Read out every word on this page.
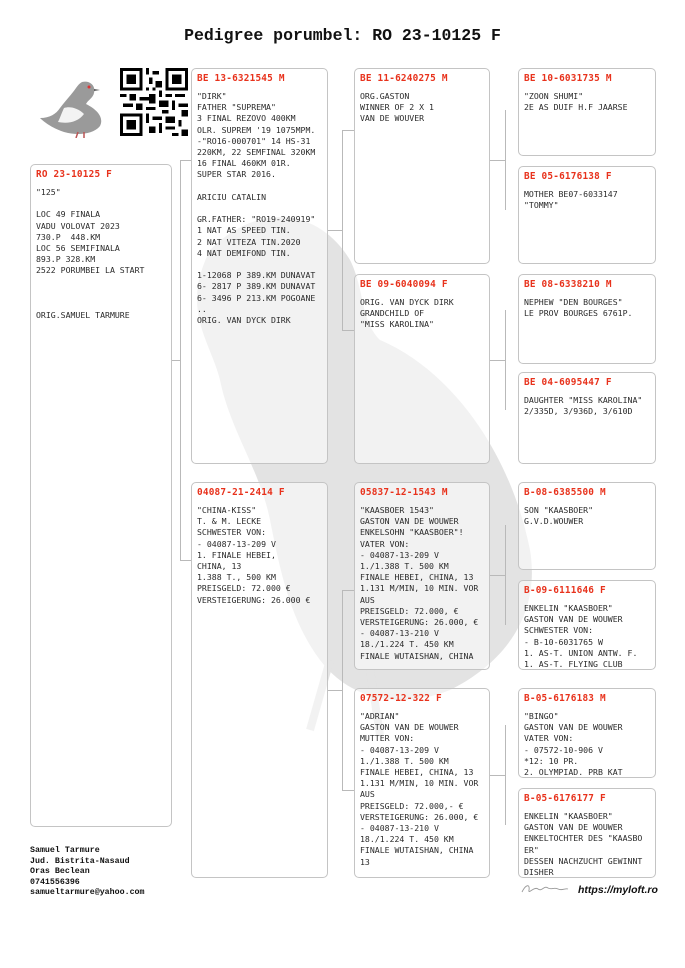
Pedigree porumbel: RO 23-10125 F
RO 23-10125 F
"125"

LOC 49 FINALA
VADU VOLOVAT 2023
730.P  448.KM
LOC 56 SEMIFINALA
893.P 328.KM
2522 PORUMBEI LA START

ORIG.SAMUEL TARMURE
BE 13-6321545 M
"DIRK"
FATHER "SUPREMA"
3 FINAL REZOVO 400KM
OLR. SUPREM '19 1075MPM.
-"RO16-000701" 14 HS-31
220KM, 22 SEMFINAL 320KM
16 FINAL 460KM 01R.
SUPER STAR 2016.

ARICIU CATALIN

GR.FATHER: "RO19-240919"
1 NAT AS SPEED TIN.
2 NAT VITEZA TIN.2020
4 NAT DEMIFOND TIN.

1-12068 P 389.KM DUNAVAT
6- 2817 P 389.KM DUNAVAT
6- 3496 P 213.KM POGOANE
..
ORIG. VAN DYCK DIRK
04087-21-2414 F
"CHINA-KISS"
T. & M. LECKE
SCHWESTER VON:
- 04087-13-209 V
1. FINALE HEBEI,
CHINA, 13
1.388 T., 500 KM
PREISGELD: 72.000 €
VERSTEIGERUNG: 26.000 €
BE 11-6240275 M
ORG.GASTON
WINNER OF 2 X 1
VAN DE WOUVER
BE 09-6040094 F
ORIG. VAN DYCK DIRK
GRANDCHILD OF
"MISS KAROLINA"
05837-12-1543 M
"KAASBOER 1543"
GASTON VAN DE WOUWER
ENKELSOHN "KAASBOER"!
VATER VON:
- 04087-13-209 V
1./1.388 T. 500 KM
FINALE HEBEI, CHINA, 13
1.131 M/MIN, 10 MIN. VOR
AUS
PREISGELD: 72.000, €
VERSTEIGERUNG: 26.000, €
- 04087-13-210 V
18./1.224 T. 450 KM
FINALE WUTAISHAN, CHINA
07572-12-322 F
"ADRIAN"
GASTON VAN DE WOUWER
MUTTER VON:
- 04087-13-209 V
1./1.388 T. 500 KM
FINALE HEBEI, CHINA, 13
1.131 M/MIN, 10 MIN. VOR
AUS
PREISGELD: 72.000,- €
VERSTEIGERUNG: 26.000, €
- 04087-13-210 V
18./1.224 T. 450 KM
FINALE WUTAISHAN, CHINA
13
BE 10-6031735 M
"ZOON SHUMI"
2E AS DUIF H.F JAARSE
BE 05-6176138 F
MOTHER BE07-6033147
"TOMMY"
BE 08-6338210 M
NEPHEW "DEN BOURGES"
LE PROV BOURGES 6761P.
BE 04-6095447 F
DAUGHTER "MISS KAROLINA"
2/335D, 3/936D, 3/610D
B-08-6385500 M
SON "KAASBOER"
G.V.D.WOUWER
B-09-6111646 F
ENKELIN "KAASBOER"
GASTON VAN DE WOUWER
SCHWESTER VON:
- B-10-6031765 W
1. AS-T. UNION ANTW. F.
1. AS-T. FLYING CLUB
B-05-6176183 M
"BINGO"
GASTON VAN DE WOUWER
VATER VON:
- 07572-10-906 V
*12: 10 PR.
2. OLYMPIAD. PRB KAT
B-05-6176177 F
ENKELIN "KAASBOER"
GASTON VAN DE WOUWER
ENKELTOCHTER DES "KAASBO
ER"
DESSEN NACHZUCHT GEWINNT
DISHER
Samuel Tarmure
Jud. Bistrita-Nasaud
Oras Beclean
0741556396
samueltarmure@yahoo.com	https://myloft.ro
